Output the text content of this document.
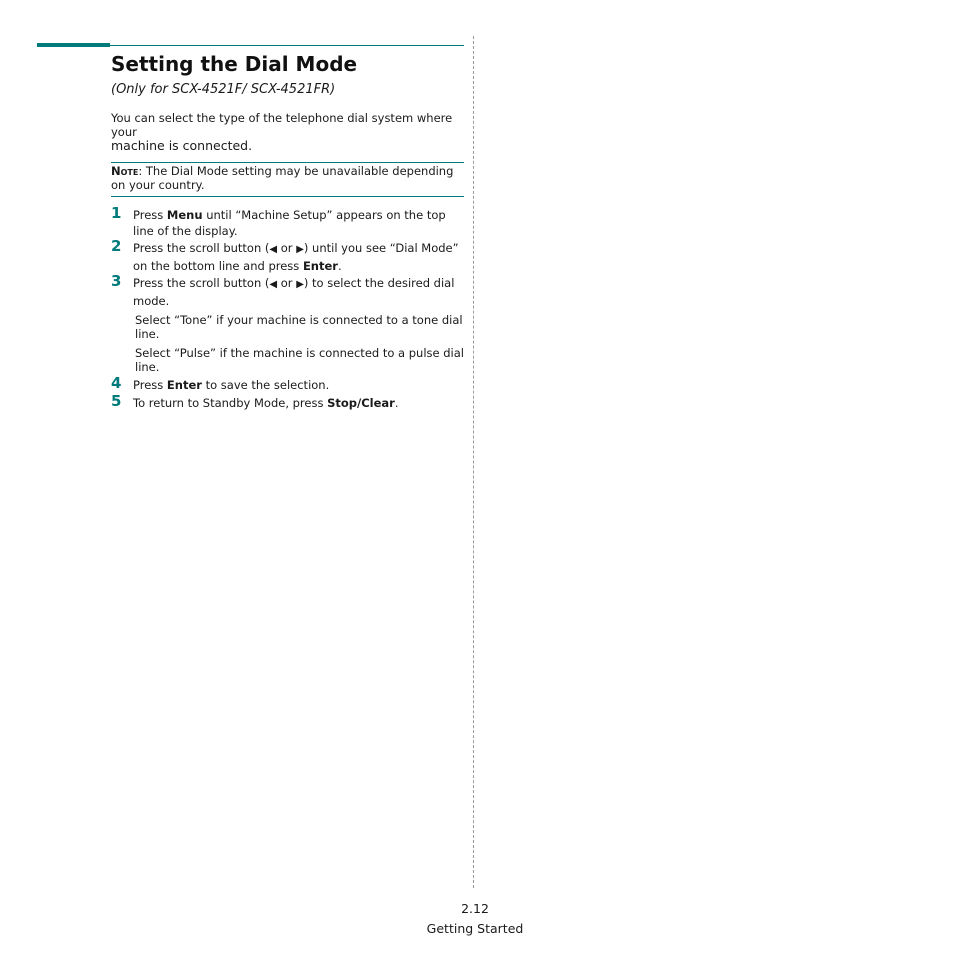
Setting the Dial Mode

(Only for SCX-4521F/ SCX-4521FR)

You can select the type of the telephone dial system where your
machine is connected.

Note: The Dial Mode setting may be unavailable depending on your country.
1 Press Menu until “Machine Setup” appears on the top line of the display.
2 Press the scroll button (◀ or ▶) until you see “Dial Mode” on the bottom line and press Enter.
3 Press the scroll button (◀ or ▶) to select the desired dial mode.
Select “Tone” if your machine is connected to a tone dial line.
Select “Pulse” if the machine is connected to a pulse dial line.
4 Press Enter to save the selection.
5 To return to Standby Mode, press Stop/Clear.
2.12
Getting Started
